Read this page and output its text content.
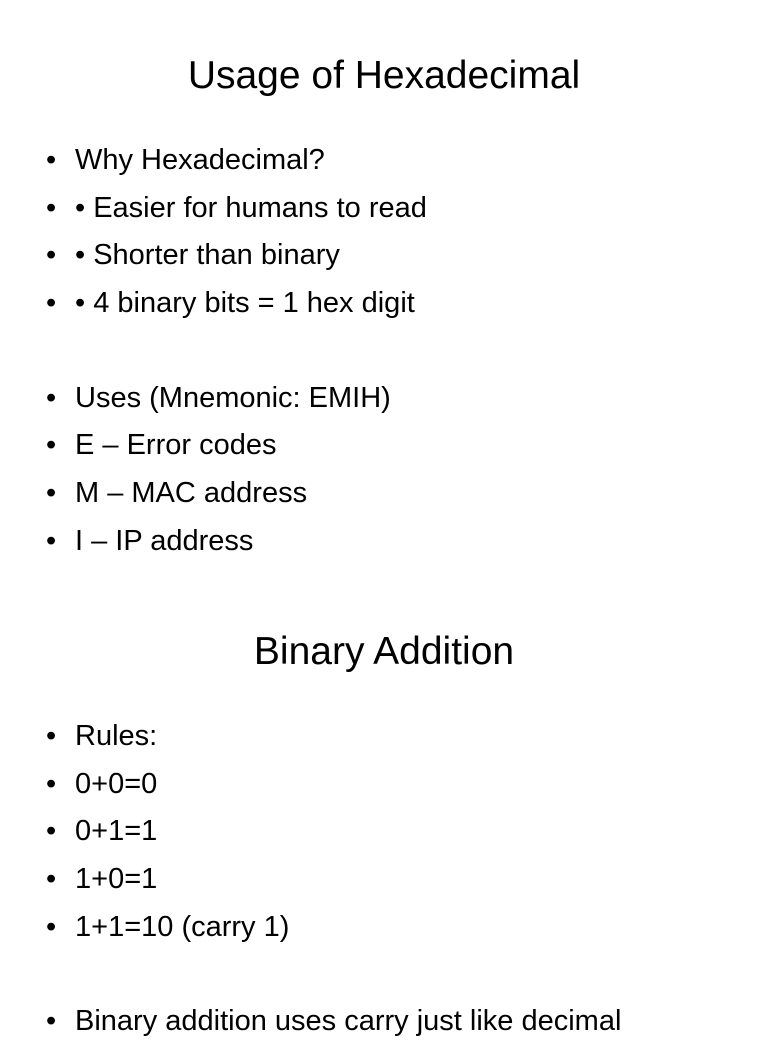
Usage of Hexadecimal
• Why Hexadecimal?
• • Easier for humans to read
• • Shorter than binary
• • 4 binary bits = 1 hex digit
• Uses (Mnemonic: EMIH)
• E – Error codes
• M – MAC address
• I – IP address
Binary Addition
• Rules:
• 0+0=0
• 0+1=1
• 1+0=1
• 1+1=10 (carry 1)
• Binary addition uses carry just like decimal
